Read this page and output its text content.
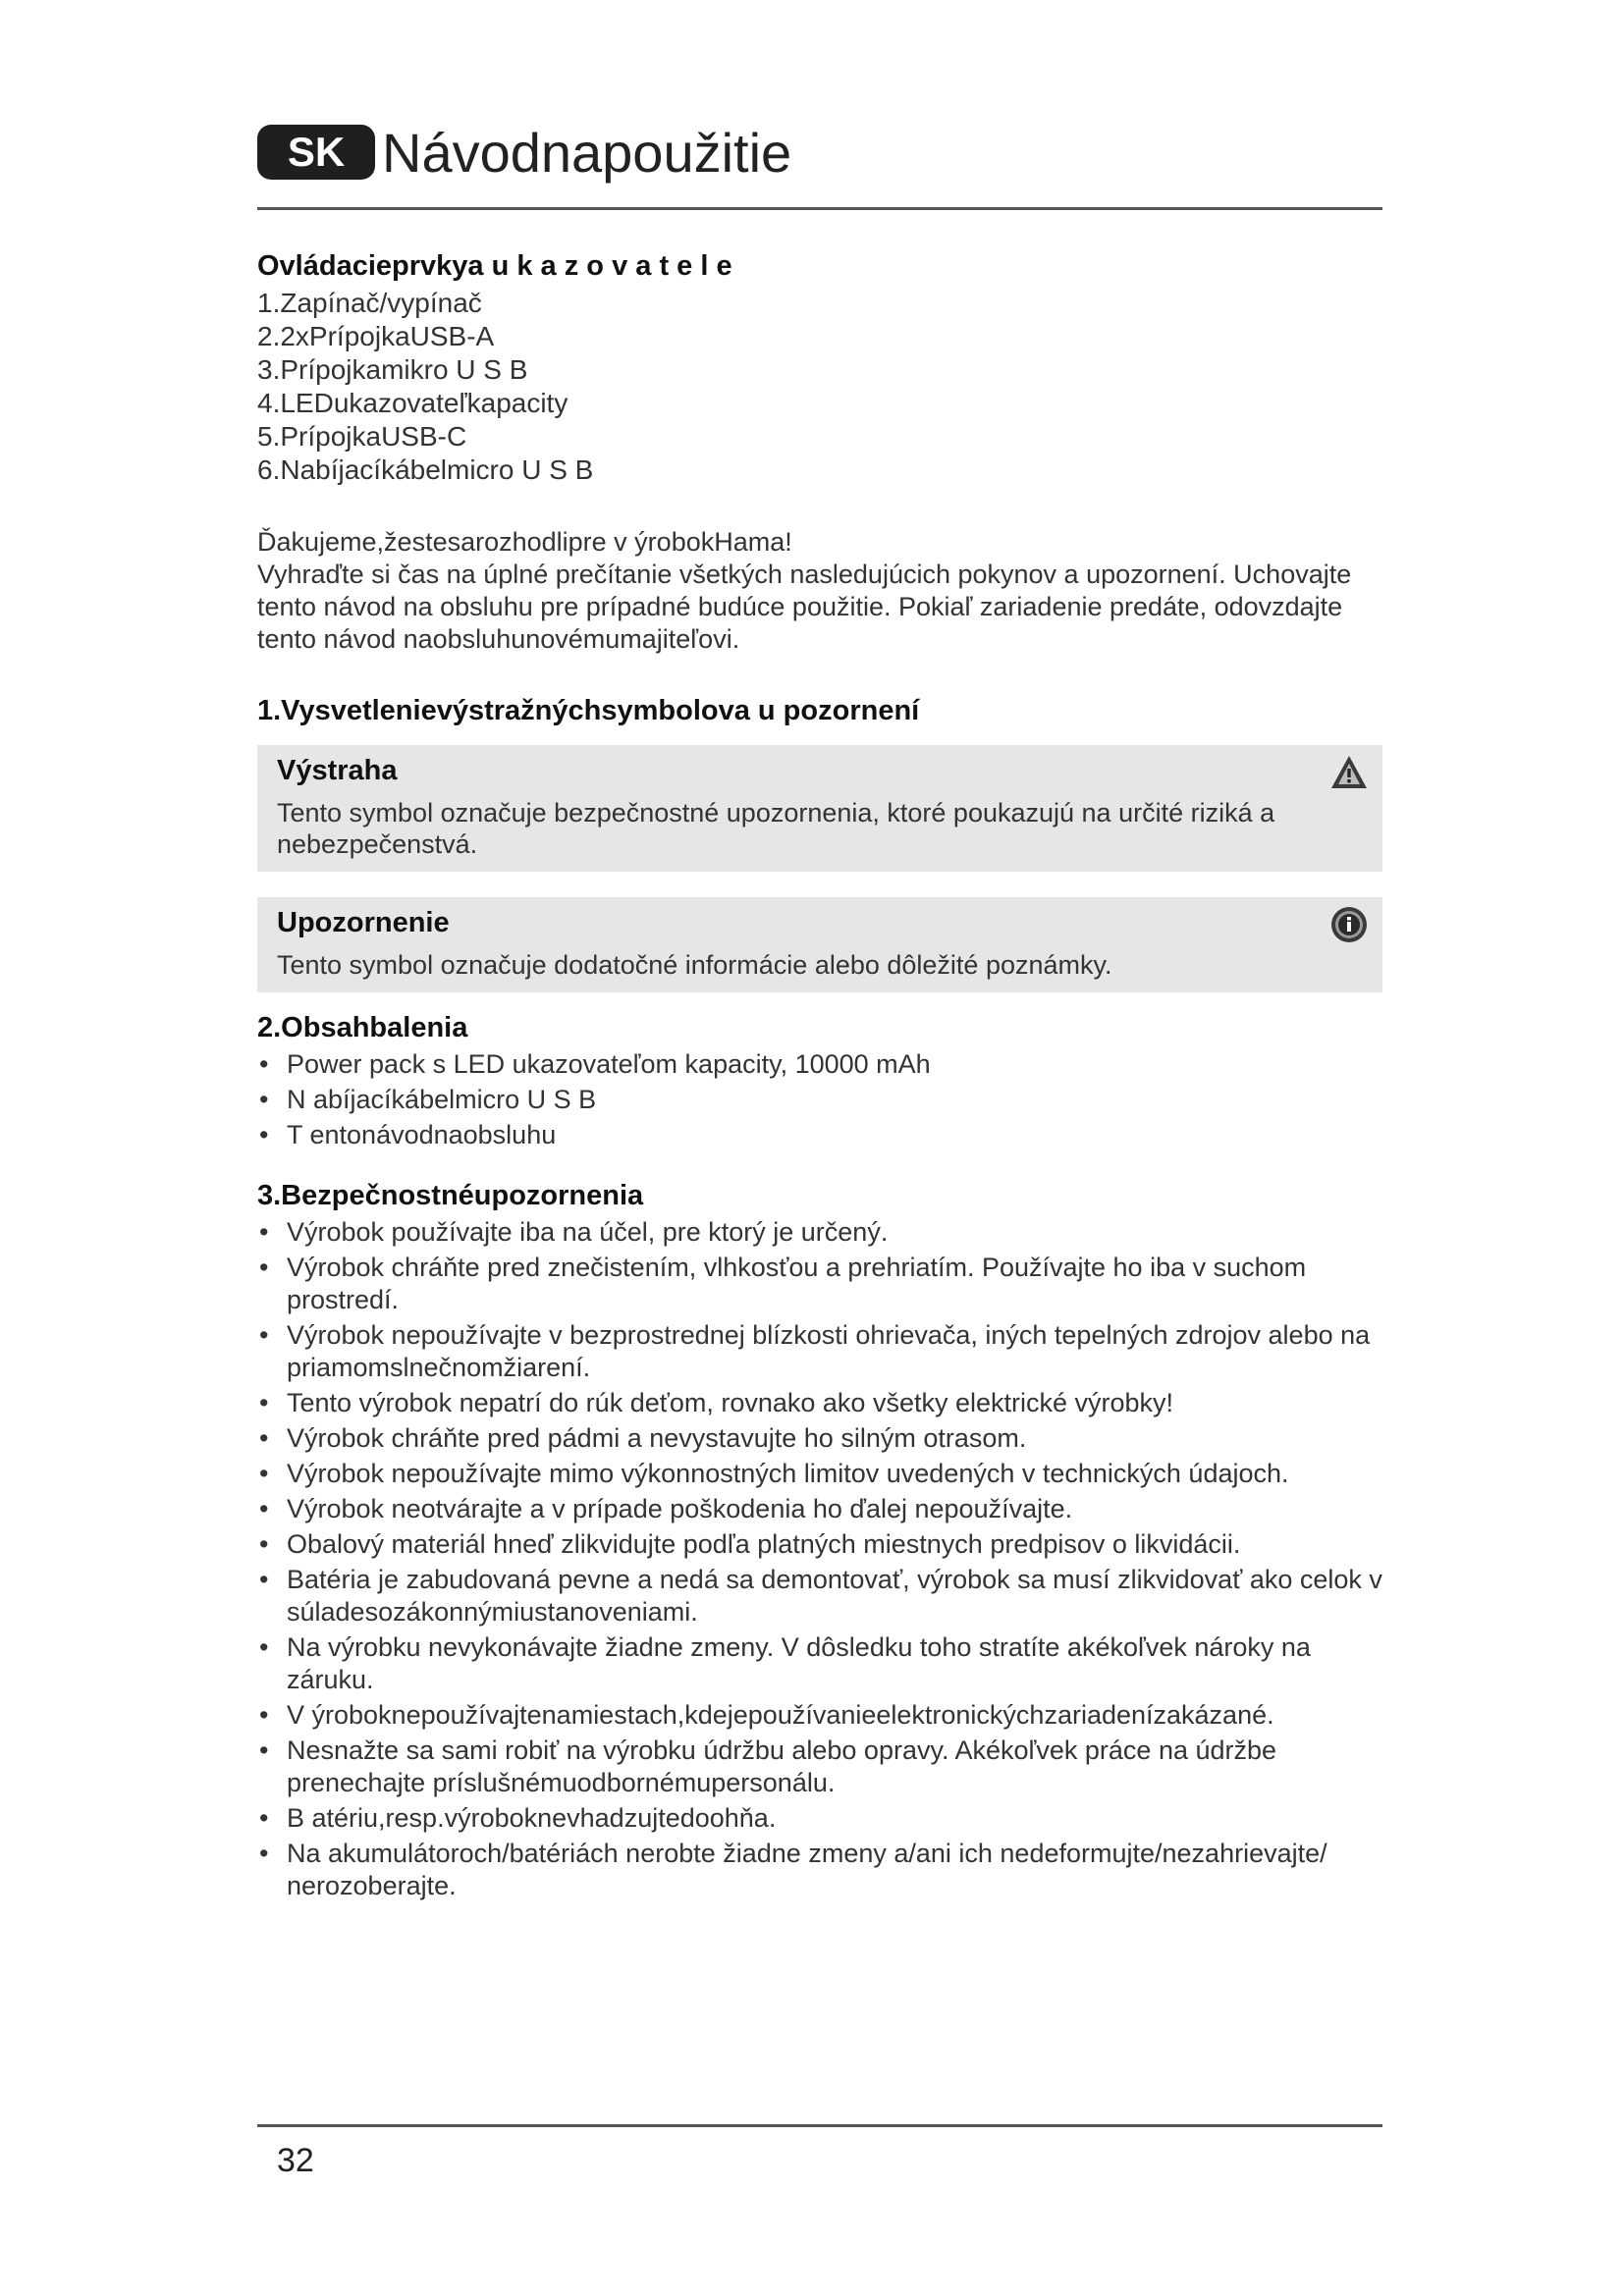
SK Návodnapoužitie
Ovládacieprvkya u k a z o v a t e l e
1.Zapínač/vypínač
2.2xPrípojkaUSB-A
3.Prípojkamikro U S B
4.LEDukazovateľkapacity
5.PrípojkaUSB-C
6.Nabíjacíkábelmicro U S B

Ďakujeme,žestesarozhodlipre v ýrobokHama!

Vyhraďte si čas na úplné prečítanie všetkých nasledujúcich pokynov a upozornení. Uchovajte tento návod na obsluhu pre prípadné budúce použitie. Pokiaľ zariadenie predáte, odovzdajte tento návod naobsluhunovémumajiteľovi.

1.Vysvetlenievýstražnýchsymbolova u pozornení
Výstraha

Tento symbol označuje bezpečnostné upozornenia, ktoré poukazujú na určité riziká a nebezpečenstvá.

Upozornenie

Tento symbol označuje dodatočné informácie alebo dôležité poznámky.

2.Obsahbalenia
• Power pack s LED ukazovateľom kapacity, 10000 mAh
• N abíjacíkábelmicro U S B
• T entonávodnaobsluhu
3.Bezpečnostnéupozornenia
• Výrobok používajte iba na účel, pre ktorý je určený.
• Výrobok chráňte pred znečistením, vlhkosťou a prehriatím. Používajte ho iba v suchom prostredí.
• Výrobok nepoužívajte v bezprostrednej blízkosti ohrievača, iných tepelných zdrojov alebo na priamomslnečnomžiarení.
• Tento výrobok nepatrí do rúk deťom, rovnako ako všetky elektrické výrobky!
• Výrobok chráňte pred pádmi a nevystavujte ho silným otrasom.
• Výrobok nepoužívajte mimo výkonnostných limitov uvedených v technických údajoch.
• Výrobok neotvárajte a v prípade poškodenia ho ďalej nepoužívajte.
• Obalový materiál hneď zlikvidujte podľa platných miestnych predpisov o likvidácii.
• Batéria je zabudovaná pevne a nedá sa demontovať, výrobok sa musí zlikvidovať ako celok v súladesozákonnýmiustanoveniami.
• Na výrobku nevykonávajte žiadne zmeny. V dôsledku toho stratíte akékoľvek nároky na záruku.
• V ýroboknepoužívajtenamiestach,kdejepoužívanieelektronickýchzariadenízakázané.
• Nesnažte sa sami robiť na výrobku údržbu alebo opravy. Akékoľvek práce na údržbe prenechajte príslušnémuodbornémupersonálu.
• B atériu,resp.výroboknevhadzujtedoohňa.
• Na akumulátoroch/batériách nerobte žiadne zmeny a/ani ich nedeformujte/nezahrievajte/ nerozoberajte.
32
